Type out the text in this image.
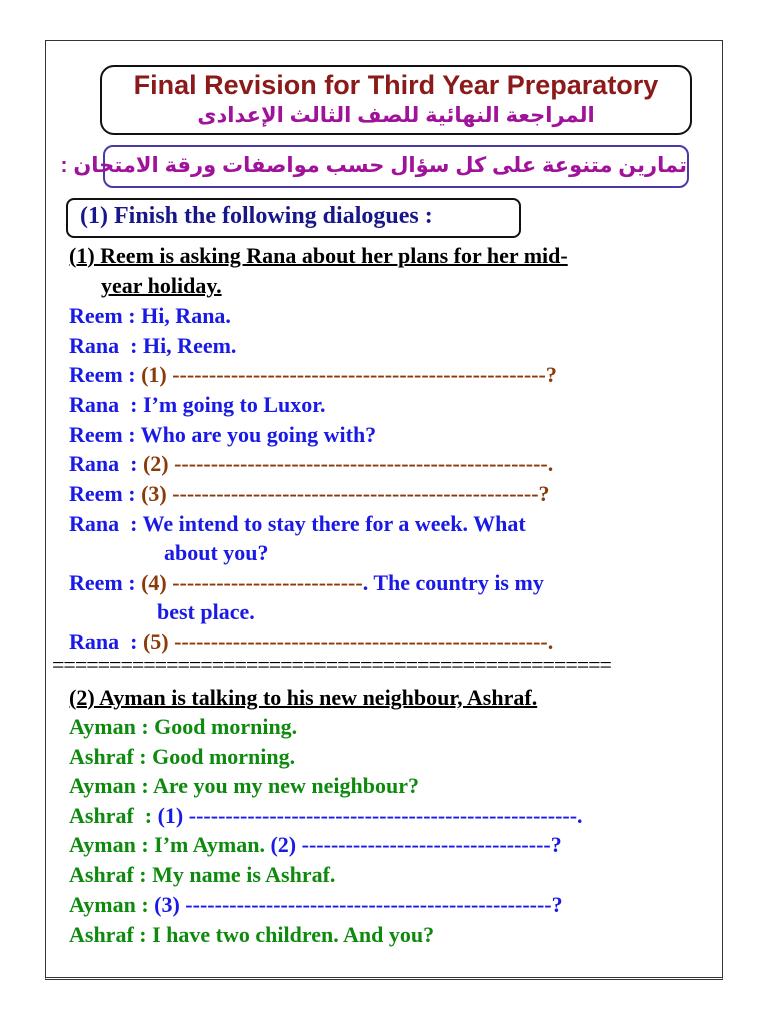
Final Revision for Third Year Preparatory
المراجعة النهائية للصف الثالث الإعدادى
تمارين متنوعة على كل سؤال حسب مواصفات ورقة الامتحان :
(1) Finish the following dialogues :
(1) Reem is asking Rana about her plans for her mid-
year holiday.
Reem : Hi, Rana.
Rana  : Hi, Reem.
Reem : (1) ---------------------------------------------------?
Rana  : I’m going to Luxor.
Reem : Who are you going with?
Rana  : (2) ---------------------------------------------------.
Reem : (3) --------------------------------------------------?
Rana  : We intend to stay there for a week. What
about you?
Reem : (4) --------------------------. The country is my
best place.
Rana  : (5) ---------------------------------------------------.
=================================================
(2) Ayman is talking to his new neighbour, Ashraf.
Ayman : Good morning.
Ashraf : Good morning.
Ayman : Are you my new neighbour?
Ashraf  : (1) -----------------------------------------------------.
Ayman : I’m Ayman. (2) ----------------------------------?
Ashraf : My name is Ashraf.
Ayman : (3) --------------------------------------------------?
Ashraf : I have two children. And you?
